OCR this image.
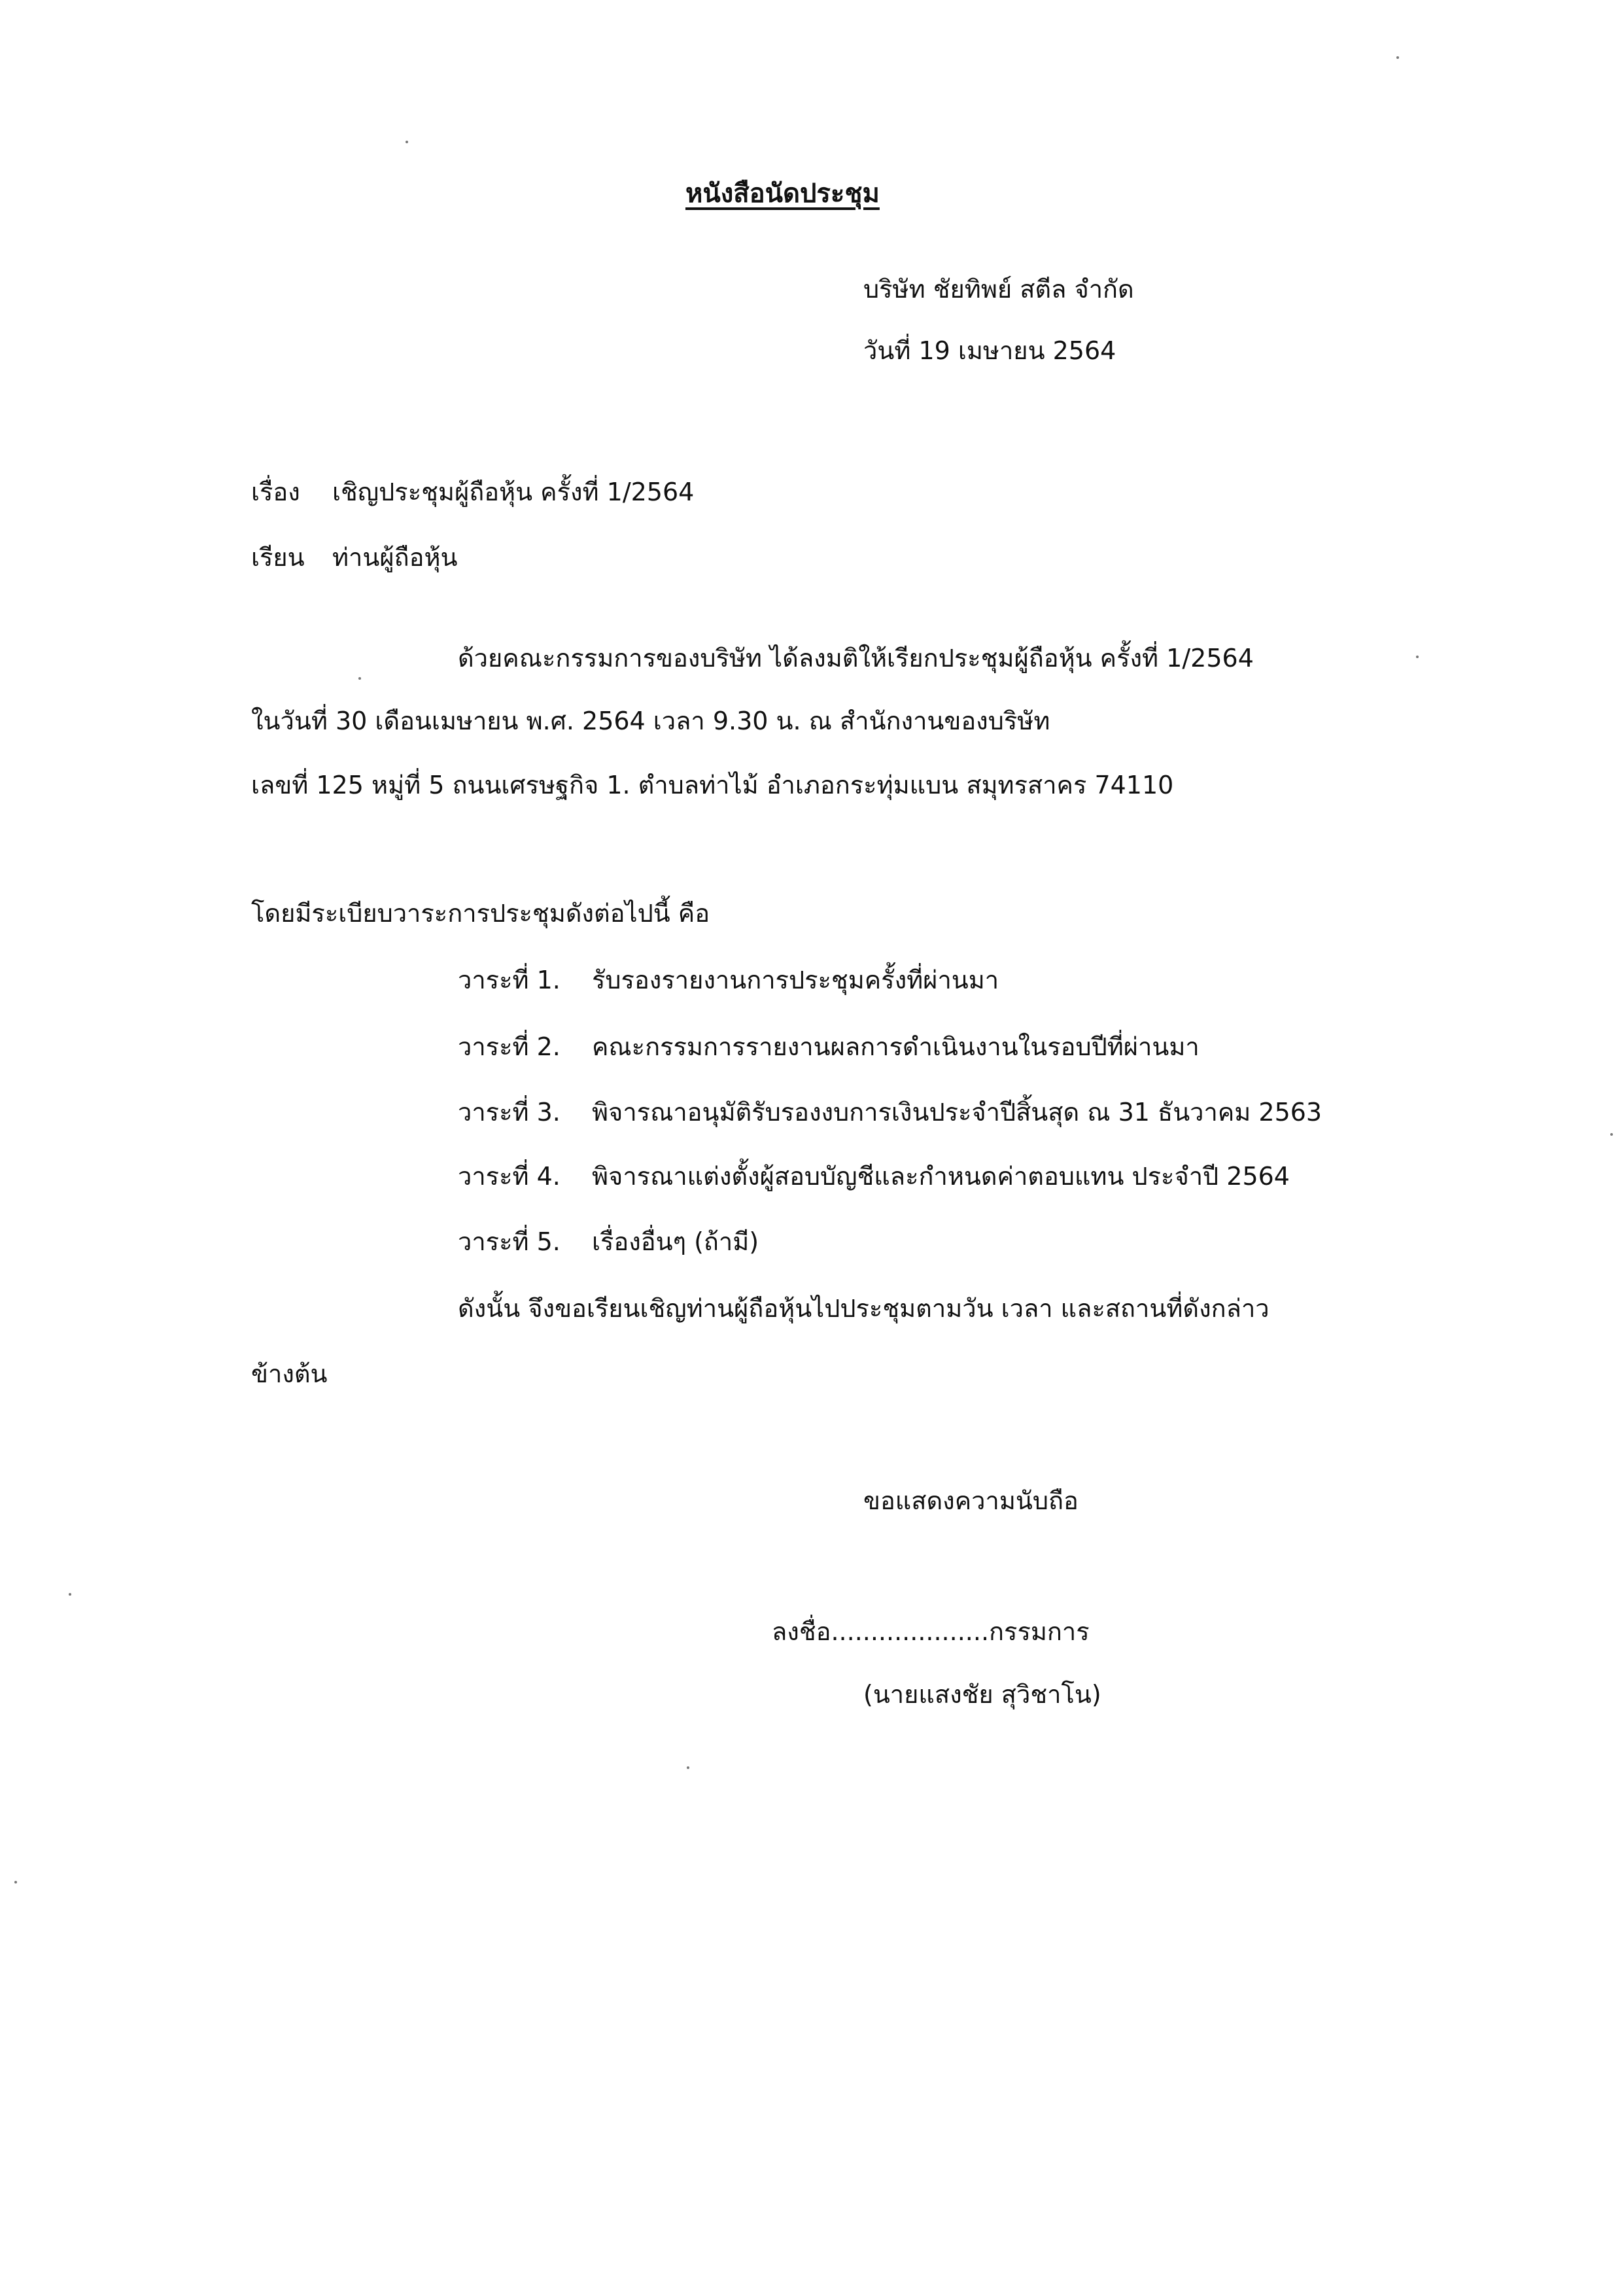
หนังสือนัดประชุม
บริษัท ชัยทิพย์ สตีล จำกัด
วันที่ 19 เมษายน 2564
เรื่อง เชิญประชุมผู้ถือหุ้น ครั้งที่ 1/2564
เรียน ท่านผู้ถือหุ้น
ด้วยคณะกรรมการของบริษัท ได้ลงมติให้เรียกประชุมผู้ถือหุ้น ครั้งที่ 1/2564
ในวันที่ 30 เดือนเมษายน พ.ศ. 2564 เวลา 9.30 น. ณ สำนักงานของบริษัท
เลขที่ 125 หมู่ที่ 5 ถนนเศรษฐกิจ 1. ตำบลท่าไม้ อำเภอกระทุ่มแบน สมุทรสาคร 74110
โดยมีระเบียบวาระการประชุมดังต่อไปนี้ คือ
วาระที่ 1. รับรองรายงานการประชุมครั้งที่ผ่านมา
วาระที่ 2. คณะกรรมการรายงานผลการดำเนินงานในรอบปีที่ผ่านมา
วาระที่ 3. พิจารณาอนุมัติรับรองงบการเงินประจำปีสิ้นสุด ณ 31 ธันวาคม 2563
วาระที่ 4. พิจารณาแต่งตั้งผู้สอบบัญชีและกำหนดค่าตอบแทน ประจำปี 2564
วาระที่ 5. เรื่องอื่นๆ (ถ้ามี)
ดังนั้น จึงขอเรียนเชิญท่านผู้ถือหุ้นไปประชุมตามวัน เวลา และสถานที่ดังกล่าว
ข้างต้น
ขอแสดงความนับถือ
ลงชื่อ....................กรรมการ
(นายแสงชัย สุวิชาโน)
